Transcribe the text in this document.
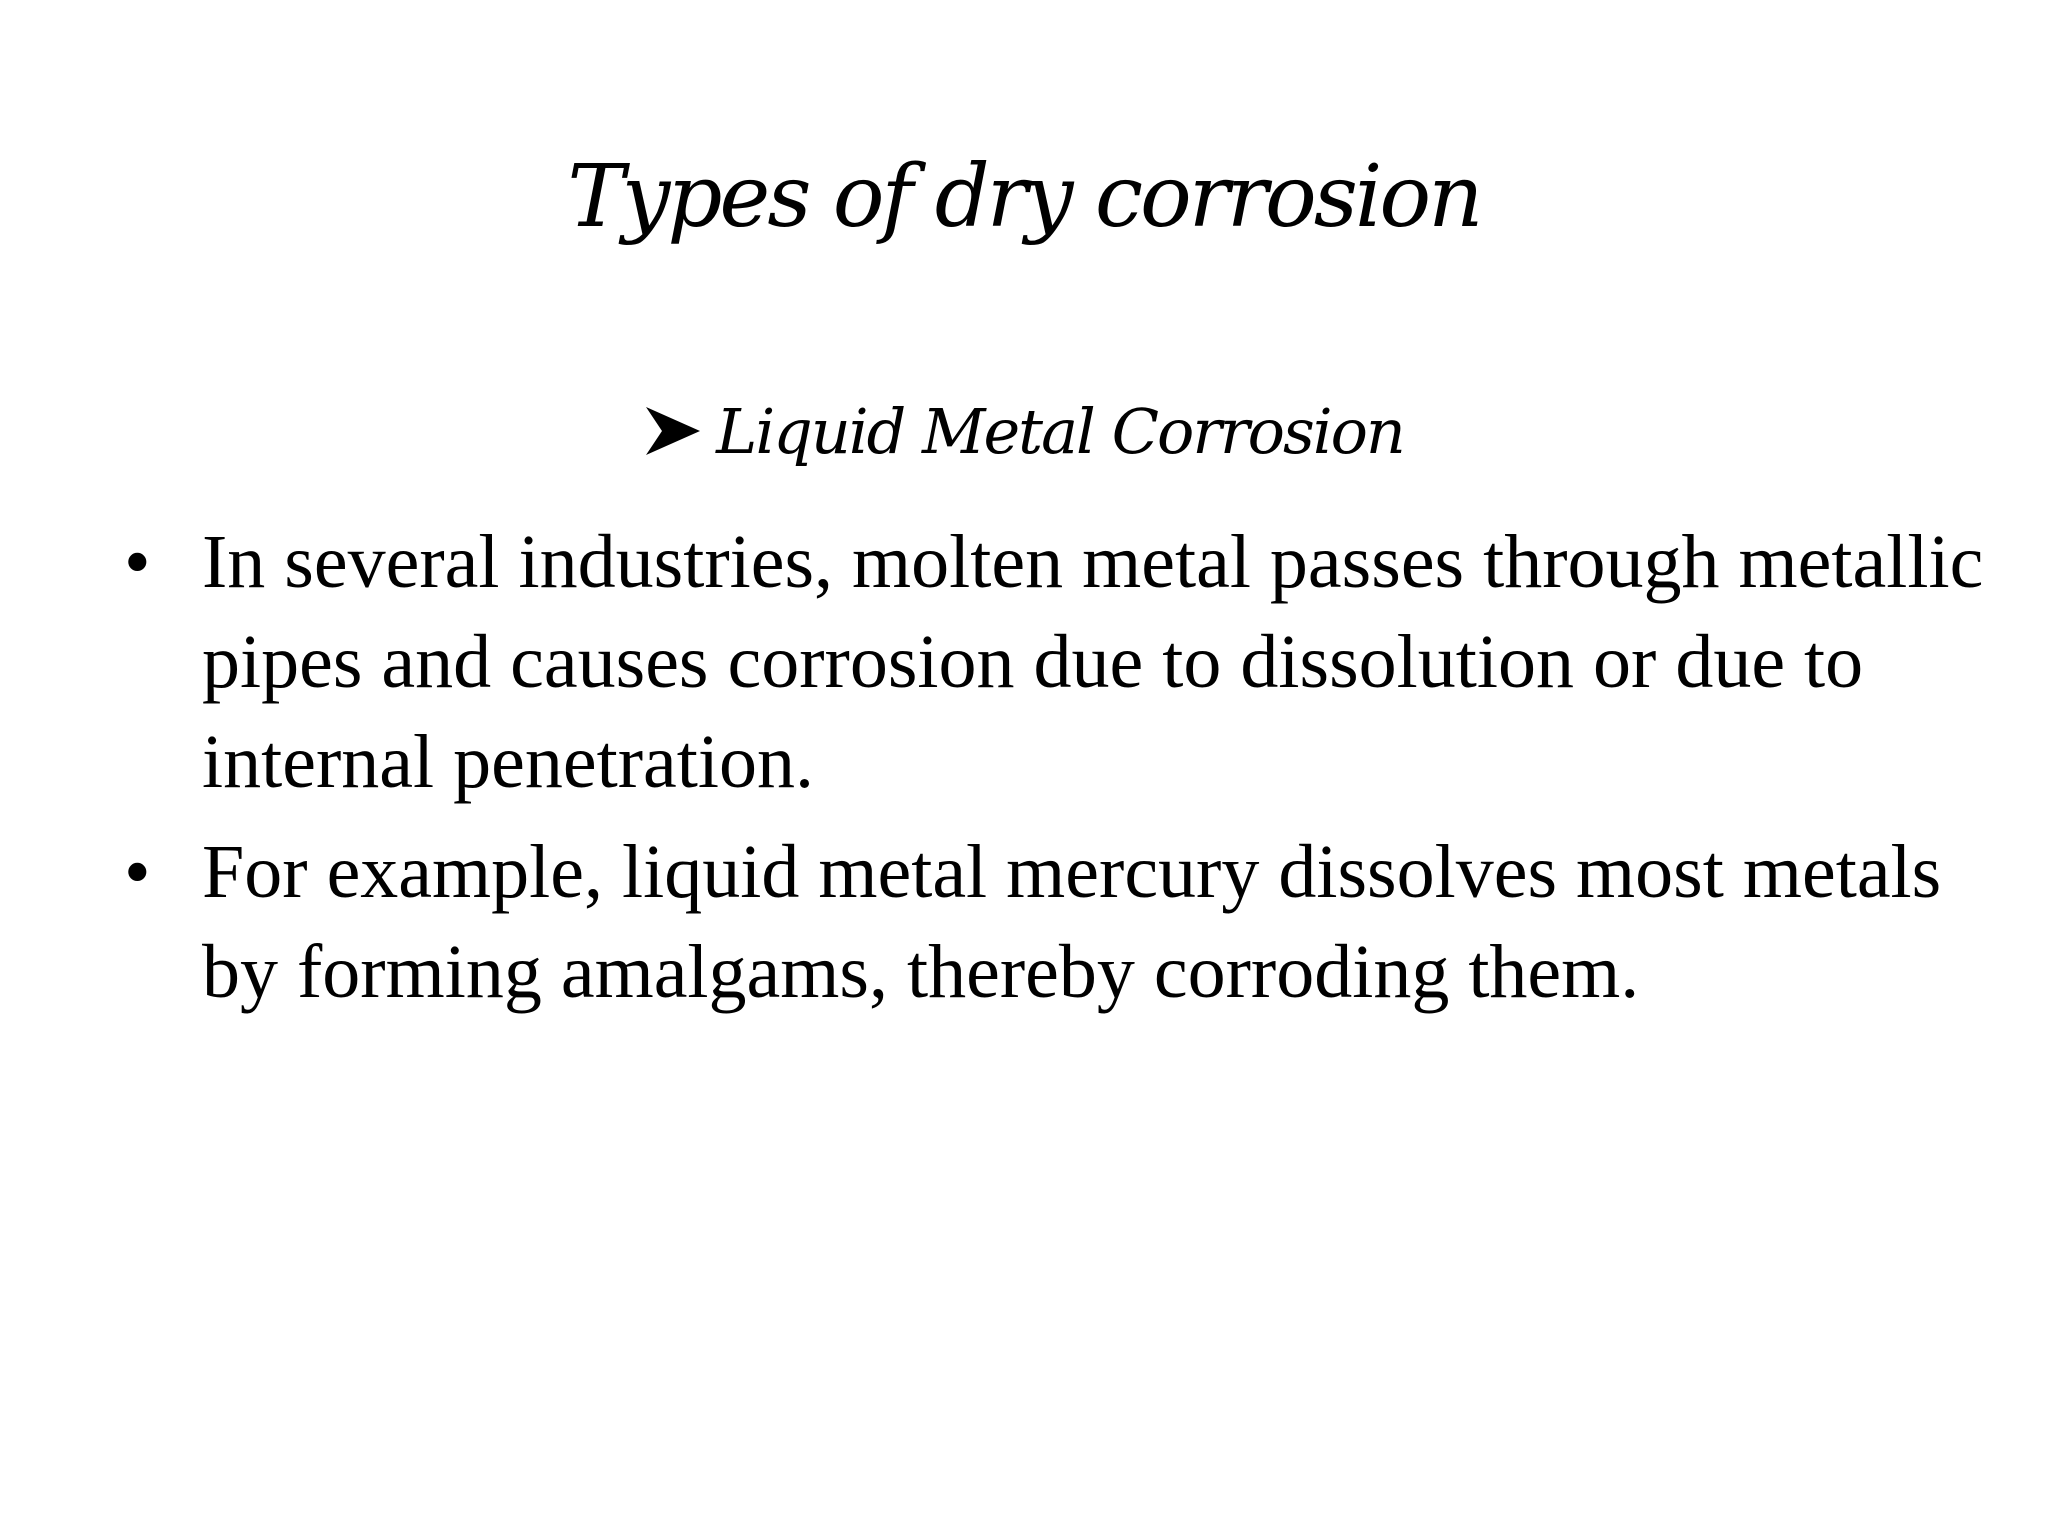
Types of dry corrosion
Liquid Metal Corrosion
• In several industries, molten metal passes through metallic pipes and causes corrosion due to dissolution or due to internal penetration.
• For example, liquid metal mercury dissolves most metals by forming amalgams, thereby corroding them.
